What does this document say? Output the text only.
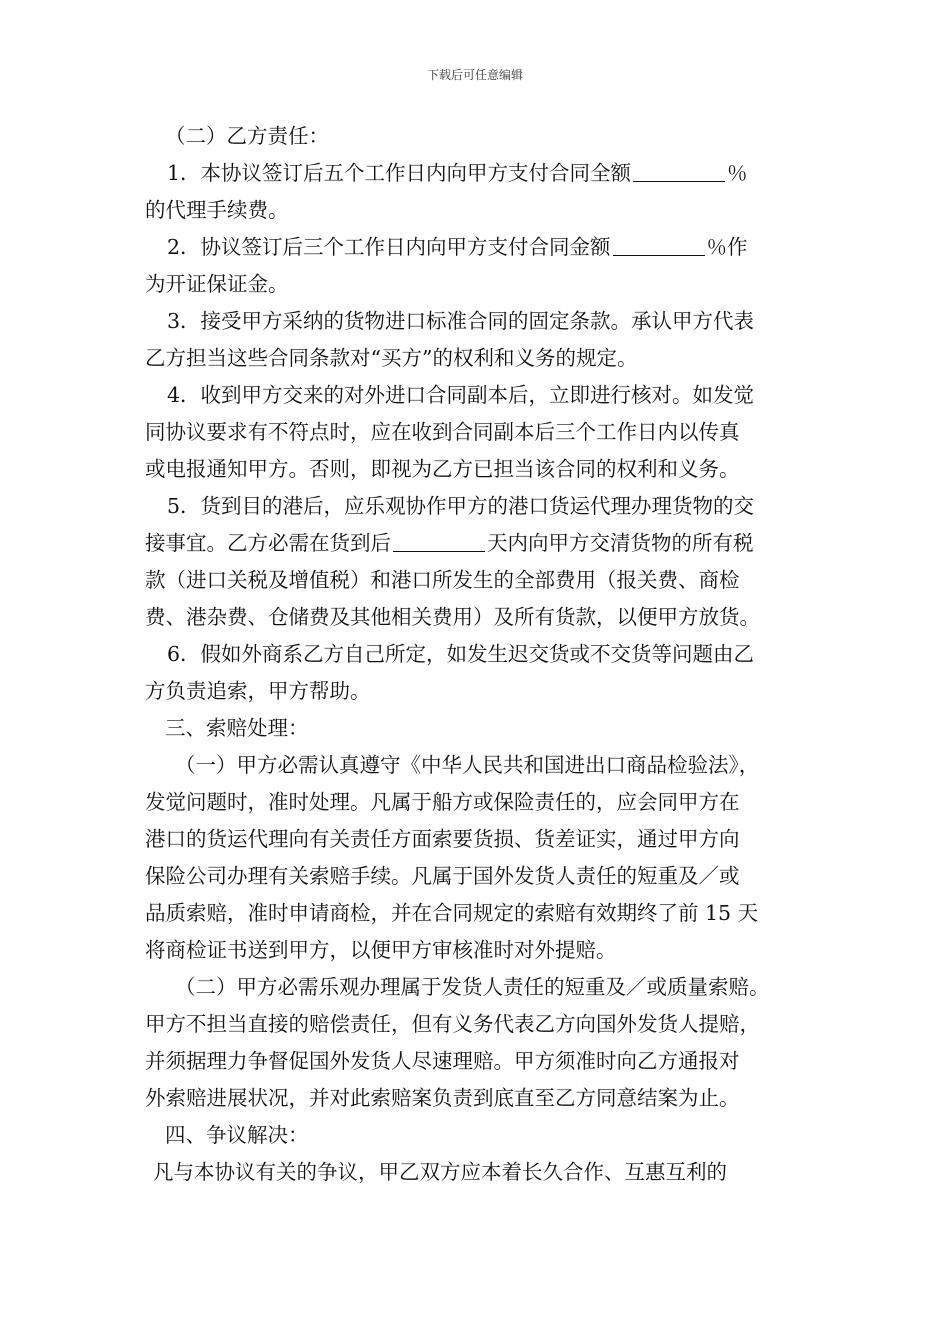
下载后可任意编辑
（二）乙方责任：
1．本协议签订后五个工作日内向甲方支付合同全额	％
的代理手续费。
2．协议签订后三个工作日内向甲方支付合同金额	％作
为开证保证金。
3．接受甲方采纳的货物进口标准合同的固定条款。承认甲方代表
乙方担当这些合同条款对“买方”的权利和义务的规定。
4．收到甲方交来的对外进口合同副本后，立即进行核对。如发觉
同协议要求有不符点时，应在收到合同副本后三个工作日内以传真
或电报通知甲方。否则，即视为乙方已担当该合同的权利和义务。
5．货到目的港后，应乐观协作甲方的港口货运代理办理货物的交
接事宜。乙方必需在货到后	天内向甲方交清货物的所有税
款（进口关税及增值税）和港口所发生的全部费用（报关费、商检
费、港杂费、仓储费及其他相关费用）及所有货款，以便甲方放货。
6．假如外商系乙方自己所定，如发生迟交货或不交货等问题由乙
方负责追索，甲方帮助。
三、索赔处理：
（一）甲方必需认真遵守《中华人民共和国进出口商品检验法》，
发觉问题时，准时处理。凡属于船方或保险责任的，应会同甲方在
港口的货运代理向有关责任方面索要货损、货差证实，通过甲方向
保险公司办理有关索赔手续。凡属于国外发货人责任的短重及／或
品质索赔，准时申请商检，并在合同规定的索赔有效期终了前 15 天
将商检证书送到甲方，以便甲方审核准时对外提赔。
（二）甲方必需乐观办理属于发货人责任的短重及／或质量索赔。
甲方不担当直接的赔偿责任，但有义务代表乙方向国外发货人提赔，
并须据理力争督促国外发货人尽速理赔。甲方须准时向乙方通报对
外索赔进展状况，并对此索赔案负责到底直至乙方同意结案为止。
四、争议解决：
凡与本协议有关的争议，甲乙双方应本着长久合作、互惠互利的
